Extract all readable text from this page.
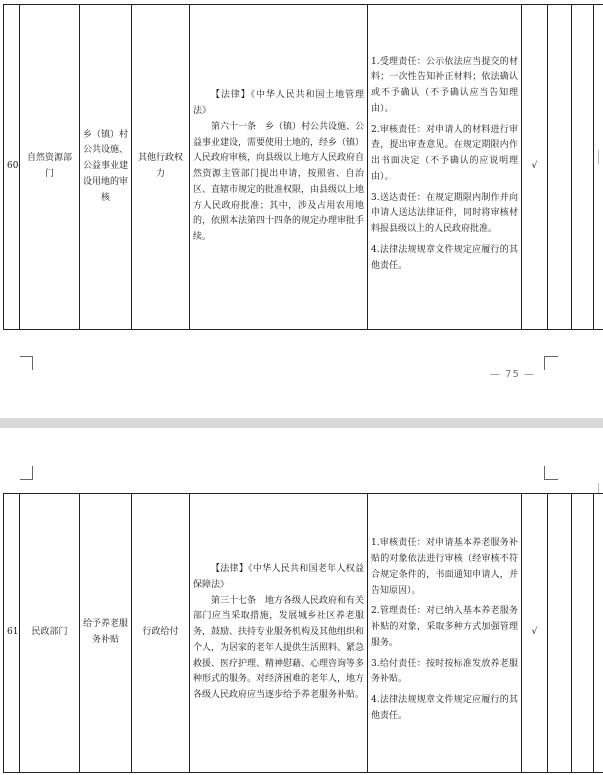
60	自然资源部门	乡（镇）村公共设施、公益事业建设用地的审核	其他行政权力	

【法律】《中华人民共和国土地管理法》

第六十一条　乡（镇）村公共设施、公益事业建设，需要使用土地的，经乡（镇）人民政府审核，向县级以上地方人民政府自然资源主管部门提出申请，按照省、自治区、直辖市规定的批准权限，由县级以上地方人民政府批准；其中，涉及占用农用地的，依照本法第四十四条的规定办理审批手续。

1.受理责任：公示依法应当提交的材料；一次性告知补正材料；依法确认或不予确认（不予确认应当告知理由）。

2.审核责任：对申请人的材料进行审查，提出审查意见。在规定期限内作出书面决定（不予确认的应说明理由）。

3.送达责任：在规定期限内制作并向申请人送达法律证件，同时将审核材料报县级以上的人民政府批准。

4.法律法规规章文件规定应履行的其他责任。

	√			
— 75 —
61	民政部门	给予养老服务补贴	行政给付	

【法律】《中华人民共和国老年人权益保障法》

第三十七条　地方各级人民政府和有关部门应当采取措施，发展城乡社区养老服务，鼓励、扶持专业服务机构及其他组织和个人，为居家的老年人提供生活照料、紧急救援、医疗护理、精神慰藉、心理咨询等多种形式的服务。对经济困难的老年人，地方各级人民政府应当逐步给予养老服务补贴。

1.审核责任：对申请基本养老服务补贴的对象依法进行审核（经审核不符合规定条件的，书面通知申请人，并告知原因）。

2.管理责任：对已纳入基本养老服务补贴的对象，采取多种方式加强管理服务。

3.给付责任：按时按标准发放养老服务补贴。

4.法律法规规章文件规定应履行的其他责任。

	√			
